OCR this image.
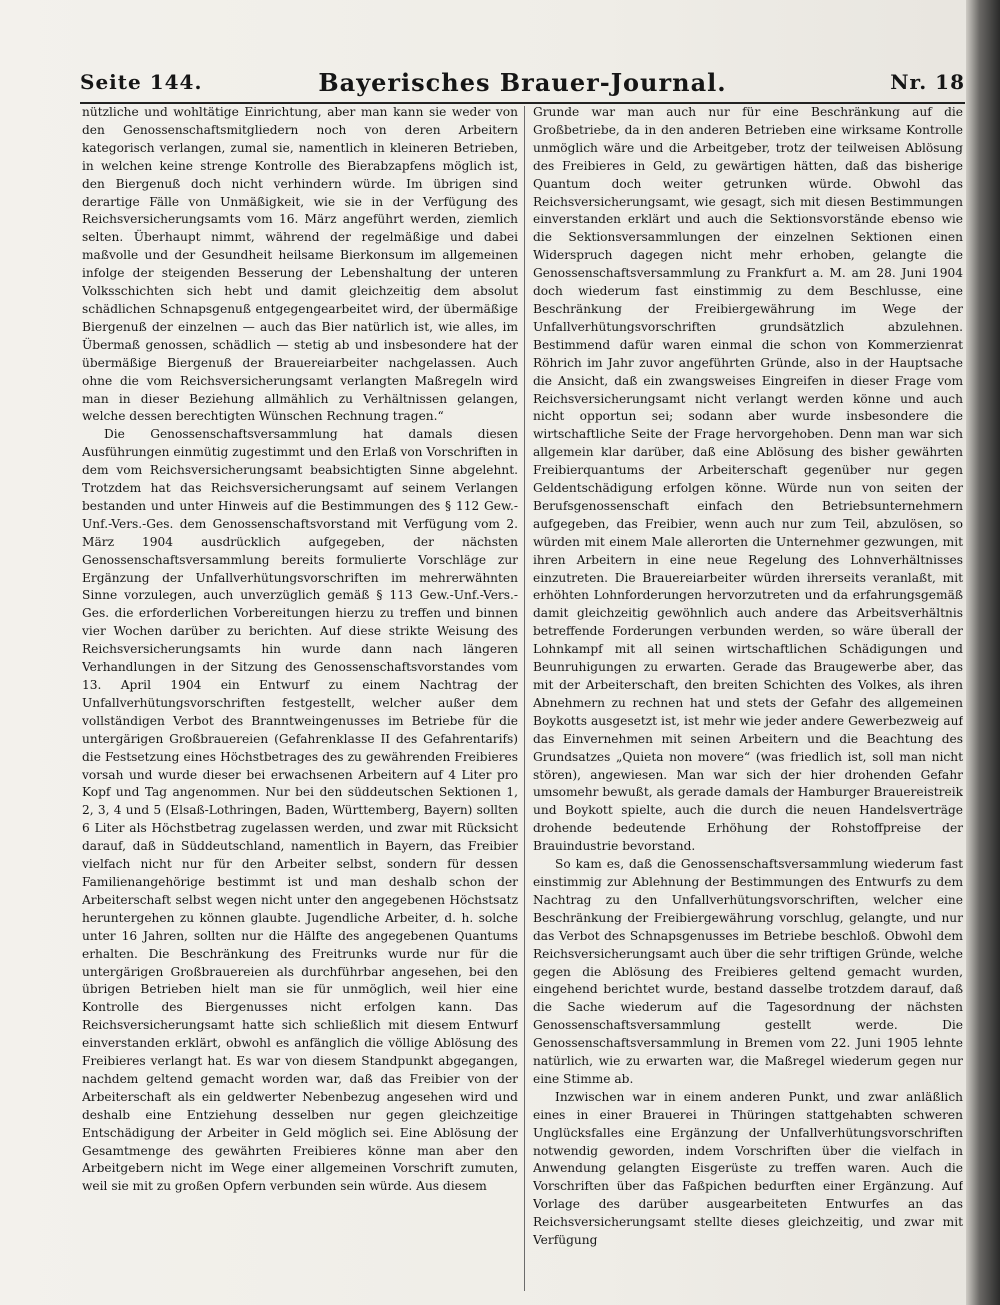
Seite 144.	Bayerisches Brauer-Journal.	Nr. 18

nützliche und wohltätige Einrichtung, aber man kann sie weder von den Genossenschaftsmitgliedern noch von deren Arbeitern kategorisch verlangen, zumal sie, namentlich in kleineren Betrieben, in welchen keine strenge Kontrolle des Bierabzapfens möglich ist, den Biergenuß doch nicht verhindern würde. Im übrigen sind derartige Fälle von Unmäßigkeit, wie sie in der Verfügung des Reichsversicherungsamts vom 16. März angeführt werden, ziemlich selten. Überhaupt nimmt, während der regelmäßige und dabei maßvolle und der Gesundheit heilsame Bierkonsum im allgemeinen infolge der steigenden Besserung der Lebenshaltung der unteren Volksschichten sich hebt und damit gleichzeitig dem absolut schädlichen Schnapsgenuß entgegengearbeitet wird, der übermäßige Biergenuß der einzelnen — auch das Bier natürlich ist, wie alles, im Übermaß genossen, schädlich — stetig ab und insbesondere hat der übermäßige Biergenuß der Brauereiarbeiter nachgelassen. Auch ohne die vom Reichsversicherungsamt verlangten Maßregeln wird man in dieser Beziehung allmählich zu Verhältnissen gelangen, welche dessen berechtigten Wünschen Rechnung tragen.“

Die Genossenschaftsversammlung hat damals diesen Ausführungen einmütig zugestimmt und den Erlaß von Vorschriften in dem vom Reichsversicherungsamt beabsichtigten Sinne abgelehnt. Trotzdem hat das Reichsversicherungsamt auf seinem Verlangen bestanden und unter Hinweis auf die Bestimmungen des § 112 Gew.-Unf.-Vers.-Ges. dem Genossenschaftsvorstand mit Verfügung vom 2. März 1904 ausdrücklich aufgegeben, der nächsten Genossenschaftsversammlung bereits formulierte Vorschläge zur Ergänzung der Unfallverhütungsvorschriften im mehrerwähnten Sinne vorzulegen, auch unverzüglich gemäß § 113 Gew.-Unf.-Vers.-Ges. die erforderlichen Vorbereitungen hierzu zu treffen und binnen vier Wochen darüber zu berichten. Auf diese strikte Weisung des Reichsversicherungsamts hin wurde dann nach längeren Verhandlungen in der Sitzung des Genossenschaftsvorstandes vom 13. April 1904 ein Entwurf zu einem Nachtrag der Unfallverhütungsvorschriften festgestellt, welcher außer dem vollständigen Verbot des Branntweingenusses im Betriebe für die untergärigen Großbrauereien (Gefahrenklasse II des Gefahrentarifs) die Festsetzung eines Höchstbetrages des zu gewährenden Freibieres vorsah und wurde dieser bei erwachsenen Arbeitern auf 4 Liter pro Kopf und Tag angenommen. Nur bei den süddeutschen Sektionen 1, 2, 3, 4 und 5 (Elsaß-Lothringen, Baden, Württemberg, Bayern) sollten 6 Liter als Höchstbetrag zugelassen werden, und zwar mit Rücksicht darauf, daß in Süddeutschland, namentlich in Bayern, das Freibier vielfach nicht nur für den Arbeiter selbst, sondern für dessen Familienangehörige bestimmt ist und man deshalb schon der Arbeiterschaft selbst wegen nicht unter den angegebenen Höchstsatz heruntergehen zu können glaubte. Jugendliche Arbeiter, d. h. solche unter 16 Jahren, sollten nur die Hälfte des angegebenen Quantums erhalten. Die Beschränkung des Freitrunks wurde nur für die untergärigen Großbrauereien als durchführbar angesehen, bei den übrigen Betrieben hielt man sie für unmöglich, weil hier eine Kontrolle des Biergenusses nicht erfolgen kann. Das Reichsversicherungsamt hatte sich schließlich mit diesem Entwurf einverstanden erklärt, obwohl es anfänglich die völlige Ablösung des Freibieres verlangt hat. Es war von diesem Standpunkt abgegangen, nachdem geltend gemacht worden war, daß das Freibier von der Arbeiterschaft als ein geldwerter Nebenbezug angesehen wird und deshalb eine Entziehung desselben nur gegen gleichzeitige Entschädigung der Arbeiter in Geld möglich sei. Eine Ablösung der Gesamtmenge des gewährten Freibieres könne man aber den Arbeitgebern nicht im Wege einer allgemeinen Vorschrift zumuten, weil sie mit zu großen Opfern verbunden sein würde. Aus diesem

Grunde war man auch nur für eine Beschränkung auf die Großbetriebe, da in den anderen Betrieben eine wirksame Kontrolle unmöglich wäre und die Arbeitgeber, trotz der teilweisen Ablösung des Freibieres in Geld, zu gewärtigen hätten, daß das bisherige Quantum doch weiter getrunken würde. Obwohl das Reichsversicherungsamt, wie gesagt, sich mit diesen Bestimmungen einverstanden erklärt und auch die Sektionsvorstände ebenso wie die Sektionsversammlungen der einzelnen Sektionen einen Widerspruch dagegen nicht mehr erhoben, gelangte die Genossenschaftsversammlung zu Frankfurt a. M. am 28. Juni 1904 doch wiederum fast einstimmig zu dem Beschlusse, eine Beschränkung der Freibiergewährung im Wege der Unfallverhütungsvorschriften grundsätzlich abzulehnen. Bestimmend dafür waren einmal die schon von Kommerzienrat Röhrich im Jahr zuvor angeführten Gründe, also in der Hauptsache die Ansicht, daß ein zwangsweises Eingreifen in dieser Frage vom Reichsversicherungsamt nicht verlangt werden könne und auch nicht opportun sei; sodann aber wurde insbesondere die wirtschaftliche Seite der Frage hervorgehoben. Denn man war sich allgemein klar darüber, daß eine Ablösung des bisher gewährten Freibierquantums der Arbeiterschaft gegenüber nur gegen Geldentschädigung erfolgen könne. Würde nun von seiten der Berufsgenossenschaft einfach den Betriebsunternehmern aufgegeben, das Freibier, wenn auch nur zum Teil, abzulösen, so würden mit einem Male allerorten die Unternehmer gezwungen, mit ihren Arbeitern in eine neue Regelung des Lohnverhältnisses einzutreten. Die Brauereiarbeiter würden ihrerseits veranlaßt, mit erhöhten Lohnforderungen hervorzutreten und da erfahrungsgemäß damit gleichzeitig gewöhnlich auch andere das Arbeitsverhältnis betreffende Forderungen verbunden werden, so wäre überall der Lohnkampf mit all seinen wirtschaftlichen Schädigungen und Beunruhigungen zu erwarten. Gerade das Braugewerbe aber, das mit der Arbeiterschaft, den breiten Schichten des Volkes, als ihren Abnehmern zu rechnen hat und stets der Gefahr des allgemeinen Boykotts ausgesetzt ist, ist mehr wie jeder andere Gewerbezweig auf das Einvernehmen mit seinen Arbeitern und die Beachtung des Grundsatzes „Quieta non movere“ (was friedlich ist, soll man nicht stören), angewiesen. Man war sich der hier drohenden Gefahr umsomehr bewußt, als gerade damals der Hamburger Brauereistreik und Boykott spielte, auch die durch die neuen Handelsverträge drohende bedeutende Erhöhung der Rohstoffpreise der Brauindustrie bevorstand.

So kam es, daß die Genossenschaftsversammlung wiederum fast einstimmig zur Ablehnung der Bestimmungen des Entwurfs zu dem Nachtrag zu den Unfallverhütungsvorschriften, welcher eine Beschränkung der Freibiergewährung vorschlug, gelangte, und nur das Verbot des Schnapsgenusses im Betriebe beschloß. Obwohl dem Reichsversicherungsamt auch über die sehr triftigen Gründe, welche gegen die Ablösung des Freibieres geltend gemacht wurden, eingehend berichtet wurde, bestand dasselbe trotzdem darauf, daß die Sache wiederum auf die Tagesordnung der nächsten Genossenschaftsversammlung gestellt werde. Die Genossenschaftsversammlung in Bremen vom 22. Juni 1905 lehnte natürlich, wie zu erwarten war, die Maßregel wiederum gegen nur eine Stimme ab.

Inzwischen war in einem anderen Punkt, und zwar anläßlich eines in einer Brauerei in Thüringen stattgehabten schweren Unglücksfalles eine Ergänzung der Unfallverhütungsvorschriften notwendig geworden, indem Vorschriften über die vielfach in Anwendung gelangten Eisgerüste zu treffen waren. Auch die Vorschriften über das Faßpichen bedurften einer Ergänzung. Auf Vorlage des darüber ausgearbeiteten Entwurfes an das Reichsversicherungsamt stellte dieses gleichzeitig, und zwar mit Verfügung
